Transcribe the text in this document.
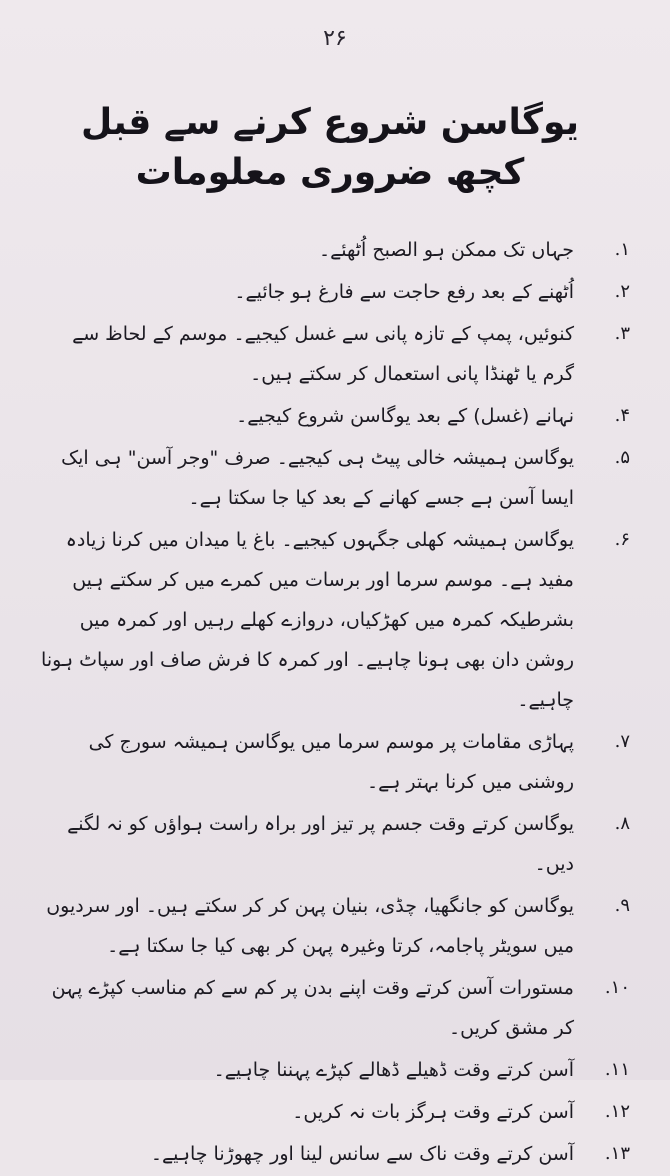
۲۶
یوگاسن شروع کرنے سے قبل کچھ ضروری معلومات
۱.
جہاں تک ممکن ہو الصبح اُٹھئے۔
۲.
اُٹھنے کے بعد رفع حاجت سے فارغ ہو جائیے۔
۳.
کنوئیں، پمپ کے تازہ پانی سے غسل کیجیے۔ موسم کے لحاظ سے گرم یا ٹھنڈا پانی استعمال کر سکتے ہیں۔
۴.
نہانے (غسل) کے بعد یوگاسن شروع کیجیے۔
۵.
یوگاسن ہمیشہ خالی پیٹ ہی کیجیے۔ صرف "وجر آسن" ہی ایک ایسا آسن ہے جسے کھانے کے بعد کیا جا سکتا ہے۔
۶.
یوگاسن ہمیشہ کھلی جگہوں کیجیے۔ باغ یا میدان میں کرنا زیادہ مفید ہے۔ موسم سرما اور برسات میں کمرے میں کر سکتے ہیں بشرطیکہ کمرہ میں کھڑکیاں، دروازے کھلے رہیں اور کمرہ میں روشن دان بھی ہونا چاہیے۔ اور کمرہ کا فرش صاف اور سپاٹ ہونا چاہیے۔
۷.
پہاڑی مقامات پر موسم سرما میں یوگاسن ہمیشہ سورج کی روشنی میں کرنا بہتر ہے۔
۸.
یوگاسن کرتے وقت جسم پر تیز اور براہ راست ہواؤں کو نہ لگنے دیں۔
۹.
یوگاسن کو جانگھیا، چڈی، بنیان پہن کر کر سکتے ہیں۔ اور سردیوں میں سویٹر پاجامہ، کرتا وغیرہ پہن کر بھی کیا جا سکتا ہے۔
۱۰.
مستورات آسن کرتے وقت اپنے بدن پر کم سے کم مناسب کپڑے پہن کر مشق کریں۔
۱۱.
آسن کرتے وقت ڈھیلے ڈھالے کپڑے پہننا چاہیے۔
۱۲.
آسن کرتے وقت ہرگز بات نہ کریں۔
۱۳.
آسن کرتے وقت ناک سے سانس لینا اور چھوڑنا چاہیے۔
